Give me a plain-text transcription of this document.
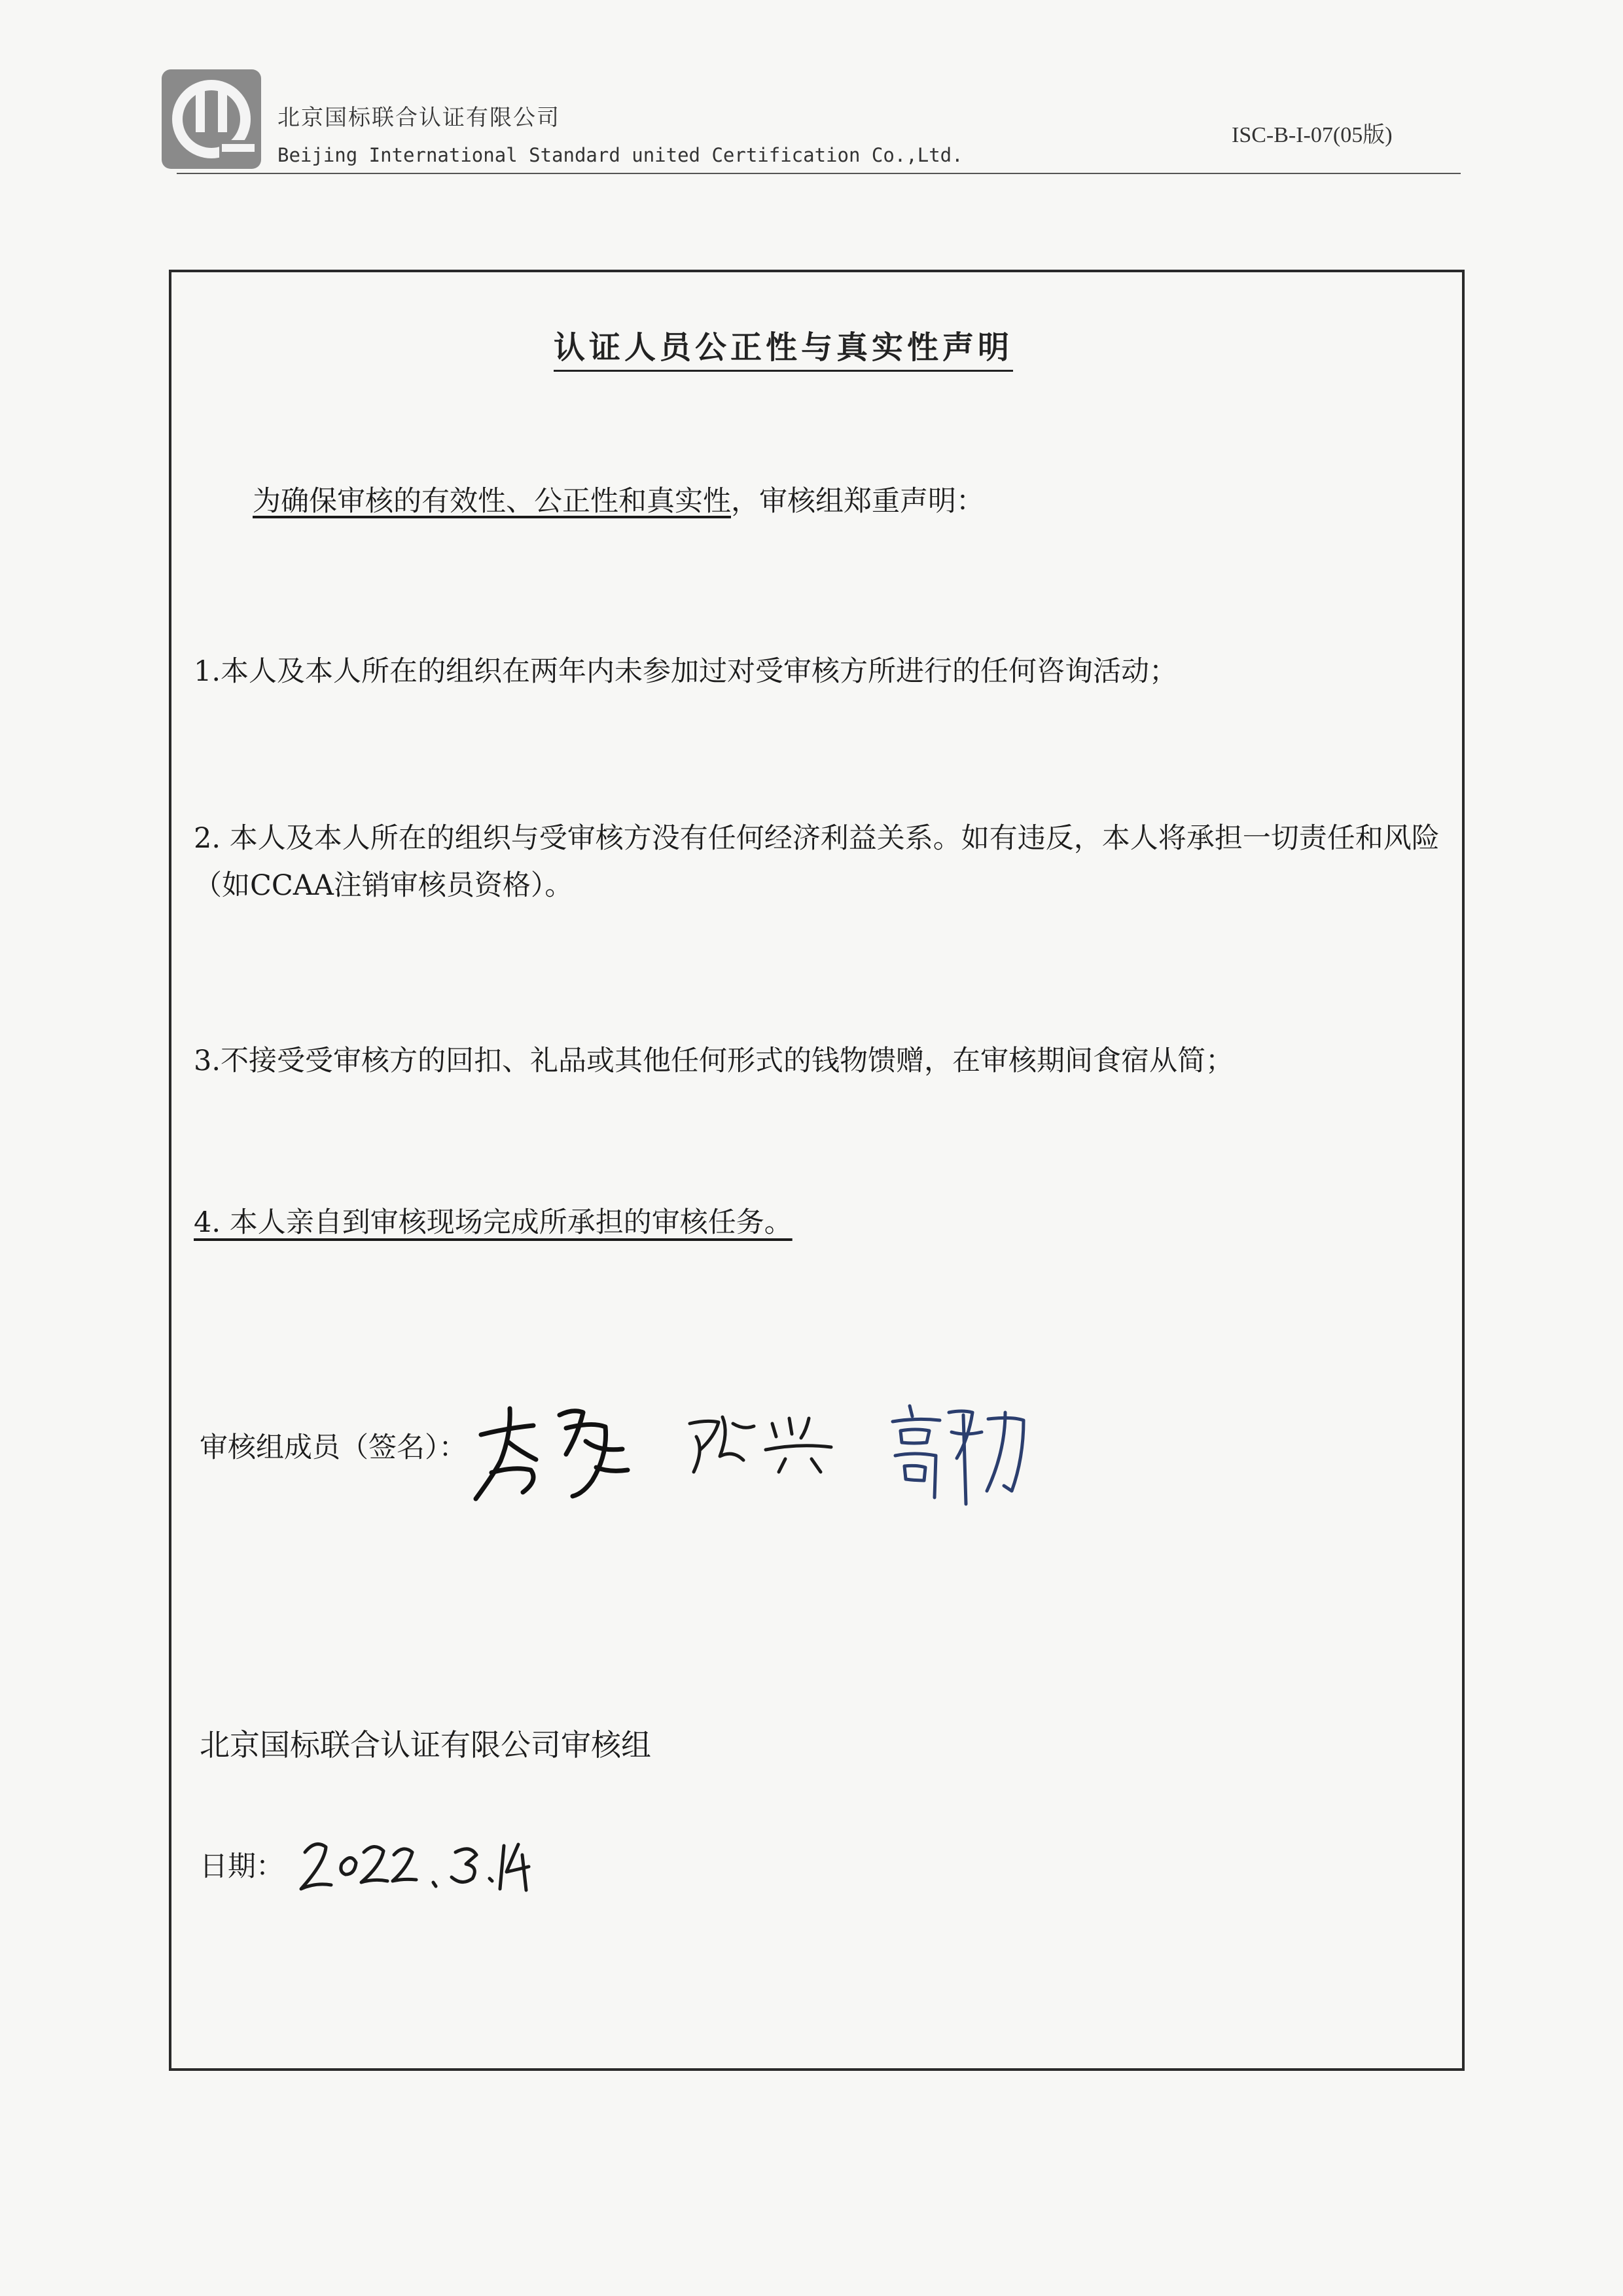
北京国标联合认证有限公司
Beijing International Standard united Certification Co.,Ltd.
ISC-B-I-07(05版)
认证人员公正性与真实性声明
为确保审核的有效性、公正性和真实性，审核组郑重声明：
1.本人及本人所在的组织在两年内未参加过对受审核方所进行的任何咨询活动；
2. 本人及本人所在的组织与受审核方没有任何经济利益关系。如有违反，本人将承担一切责任和风险（如CCAA注销审核员资格）。
3.不接受受审核方的回扣、礼品或其他任何形式的钱物馈赠，在审核期间食宿从简；
4. 本人亲自到审核现场完成所承担的审核任务。
审核组成员（签名）：
北京国标联合认证有限公司审核组
日期：
